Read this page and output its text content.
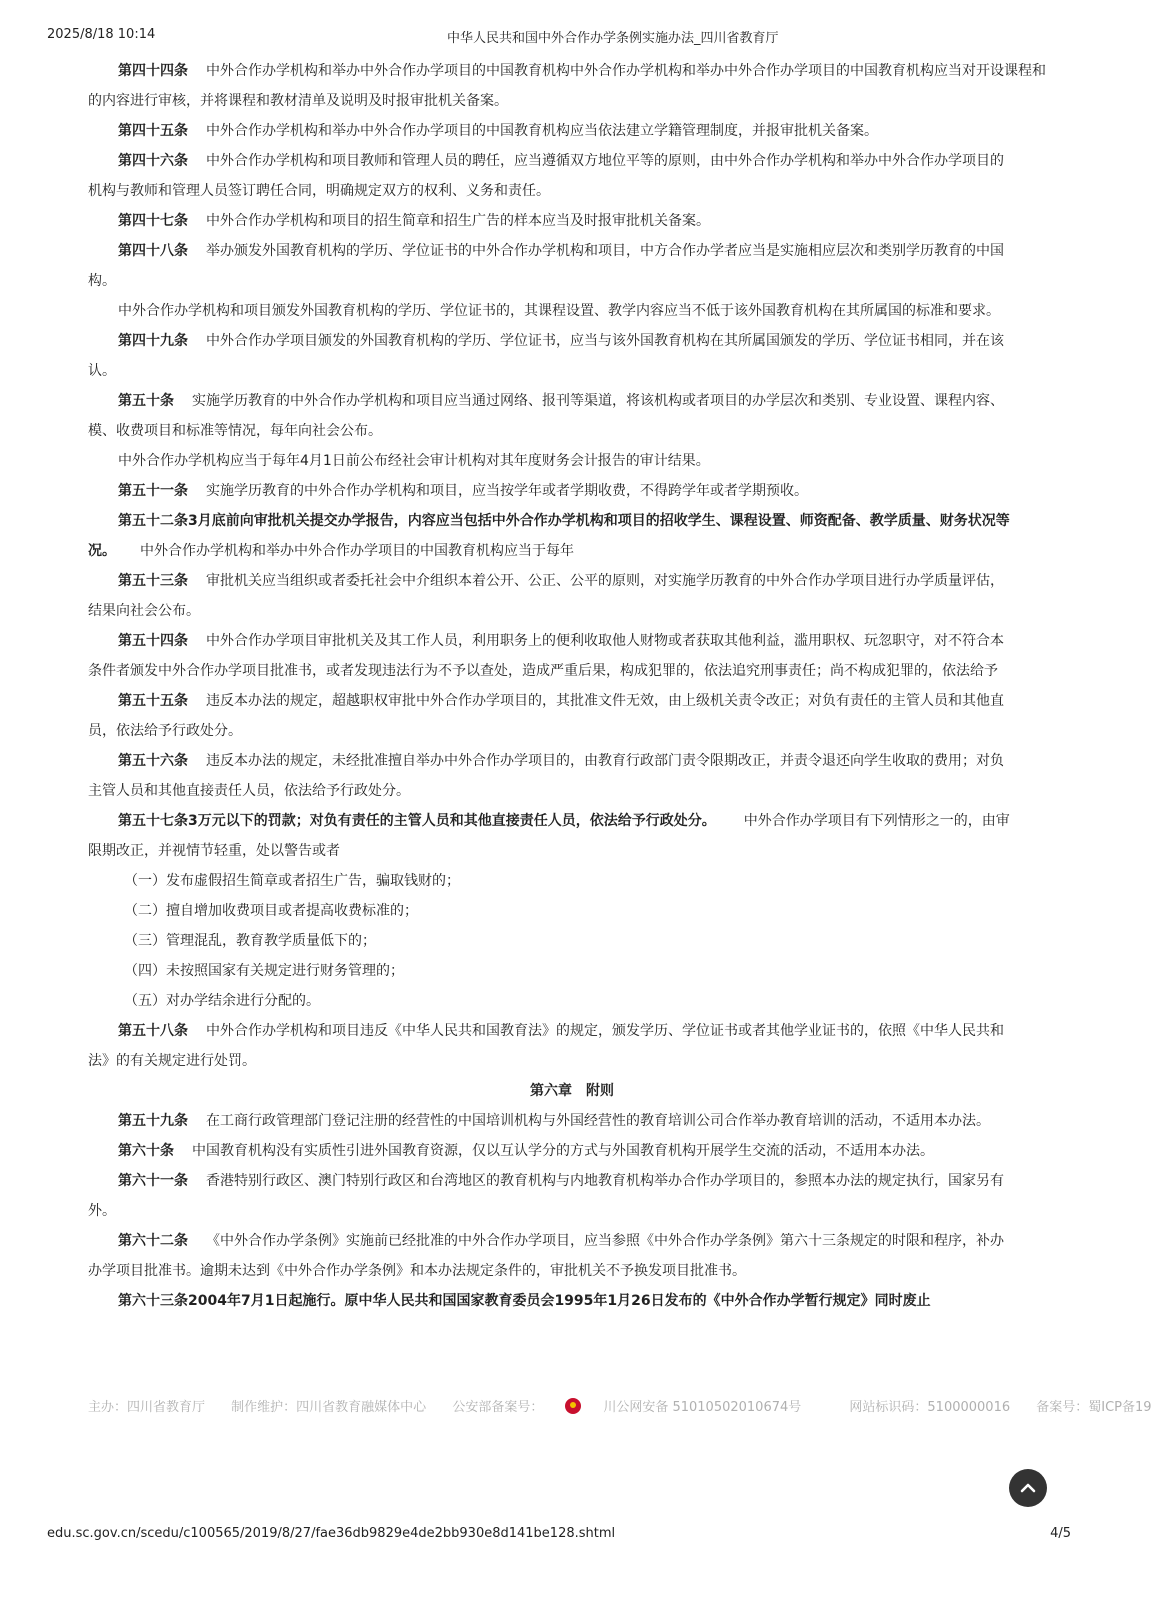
2025/8/18 10:14	中华人民共和国中外合作办学条例实施办法_四川省教育厅

第四十四条 中外合作办学机构和举办中外合作办学项目的中国教育机构中外合作办学机构和举办中外合作办学项目的中国教育机构应当对开设课程和

的内容进行审核，并将课程和教材清单及说明及时报审批机关备案。

第四十五条 中外合作办学机构和举办中外合作办学项目的中国教育机构应当依法建立学籍管理制度，并报审批机关备案。

第四十六条 中外合作办学机构和项目教师和管理人员的聘任，应当遵循双方地位平等的原则，由中外合作办学机构和举办中外合作办学项目的

机构与教师和管理人员签订聘任合同，明确规定双方的权利、义务和责任。

第四十七条 中外合作办学机构和项目的招生简章和招生广告的样本应当及时报审批机关备案。

第四十八条 举办颁发外国教育机构的学历、学位证书的中外合作办学机构和项目，中方合作办学者应当是实施相应层次和类别学历教育的中国

构。

中外合作办学机构和项目颁发外国教育机构的学历、学位证书的，其课程设置、教学内容应当不低于该外国教育机构在其所属国的标准和要求。

第四十九条 中外合作办学项目颁发的外国教育机构的学历、学位证书，应当与该外国教育机构在其所属国颁发的学历、学位证书相同，并在该

认。

第五十条 实施学历教育的中外合作办学机构和项目应当通过网络、报刊等渠道，将该机构或者项目的办学层次和类别、专业设置、课程内容、

模、收费项目和标准等情况，每年向社会公布。

中外合作办学机构应当于每年4月1日前公布经社会审计机构对其年度财务会计报告的审计结果。

第五十一条 实施学历教育的中外合作办学机构和项目，应当按学年或者学期收费，不得跨学年或者学期预收。

第五十二条3月底前向审批机关提交办学报告，内容应当包括中外合作办学机构和项目的招收学生、课程设置、师资配备、教学质量、财务状况等

况。 中外合作办学机构和举办中外合作办学项目的中国教育机构应当于每年

第五十三条 审批机关应当组织或者委托社会中介组织本着公开、公正、公平的原则，对实施学历教育的中外合作办学项目进行办学质量评估，

结果向社会公布。

第五十四条 中外合作办学项目审批机关及其工作人员，利用职务上的便利收取他人财物或者获取其他利益，滥用职权、玩忽职守，对不符合本

条件者颁发中外合作办学项目批准书，或者发现违法行为不予以查处，造成严重后果，构成犯罪的，依法追究刑事责任；尚不构成犯罪的，依法给予

第五十五条 违反本办法的规定，超越职权审批中外合作办学项目的，其批准文件无效，由上级机关责令改正；对负有责任的主管人员和其他直

员，依法给予行政处分。

第五十六条 违反本办法的规定，未经批准擅自举办中外合作办学项目的，由教育行政部门责令限期改正，并责令退还向学生收取的费用；对负

主管人员和其他直接责任人员，依法给予行政处分。

第五十七条3万元以下的罚款；对负有责任的主管人员和其他直接责任人员，依法给予行政处分。 中外合作办学项目有下列情形之一的，由审

限期改正，并视情节轻重，处以警告或者

（一）发布虚假招生简章或者招生广告，骗取钱财的；

（二）擅自增加收费项目或者提高收费标准的；

（三）管理混乱，教育教学质量低下的；

（四）未按照国家有关规定进行财务管理的；

（五）对办学结余进行分配的。

第五十八条 中外合作办学机构和项目违反《中华人民共和国教育法》的规定，颁发学历、学位证书或者其他学业证书的，依照《中华人民共和

法》的有关规定进行处罚。

第六章　附则

第五十九条 在工商行政管理部门登记注册的经营性的中国培训机构与外国经营性的教育培训公司合作举办教育培训的活动，不适用本办法。

第六十条 中国教育机构没有实质性引进外国教育资源，仅以互认学分的方式与外国教育机构开展学生交流的活动，不适用本办法。

第六十一条 香港特别行政区、澳门特别行政区和台湾地区的教育机构与内地教育机构举办合作办学项目的，参照本办法的规定执行，国家另有

外。

第六十二条 《中外合作办学条例》实施前已经批准的中外合作办学项目，应当参照《中外合作办学条例》第六十三条规定的时限和程序，补办

办学项目批准书。逾期未达到《中外合作办学条例》和本办法规定条件的，审批机关不予换发项目批准书。

第六十三条2004年7月1日起施行。原中华人民共和国国家教育委员会1995年1月26日发布的《中外合作办学暂行规定》同时废止

主办：四川省教育厅 制作维护：四川省教育融媒体中心 公安部备案号：	川公网安备 51010502010674号	网站标识码：5100000016 备案号：蜀ICP备19
edu.sc.gov.cn/scedu/c100565/2019/8/27/fae36db9829e4de2bb930e8d141be128.shtml	4/5
